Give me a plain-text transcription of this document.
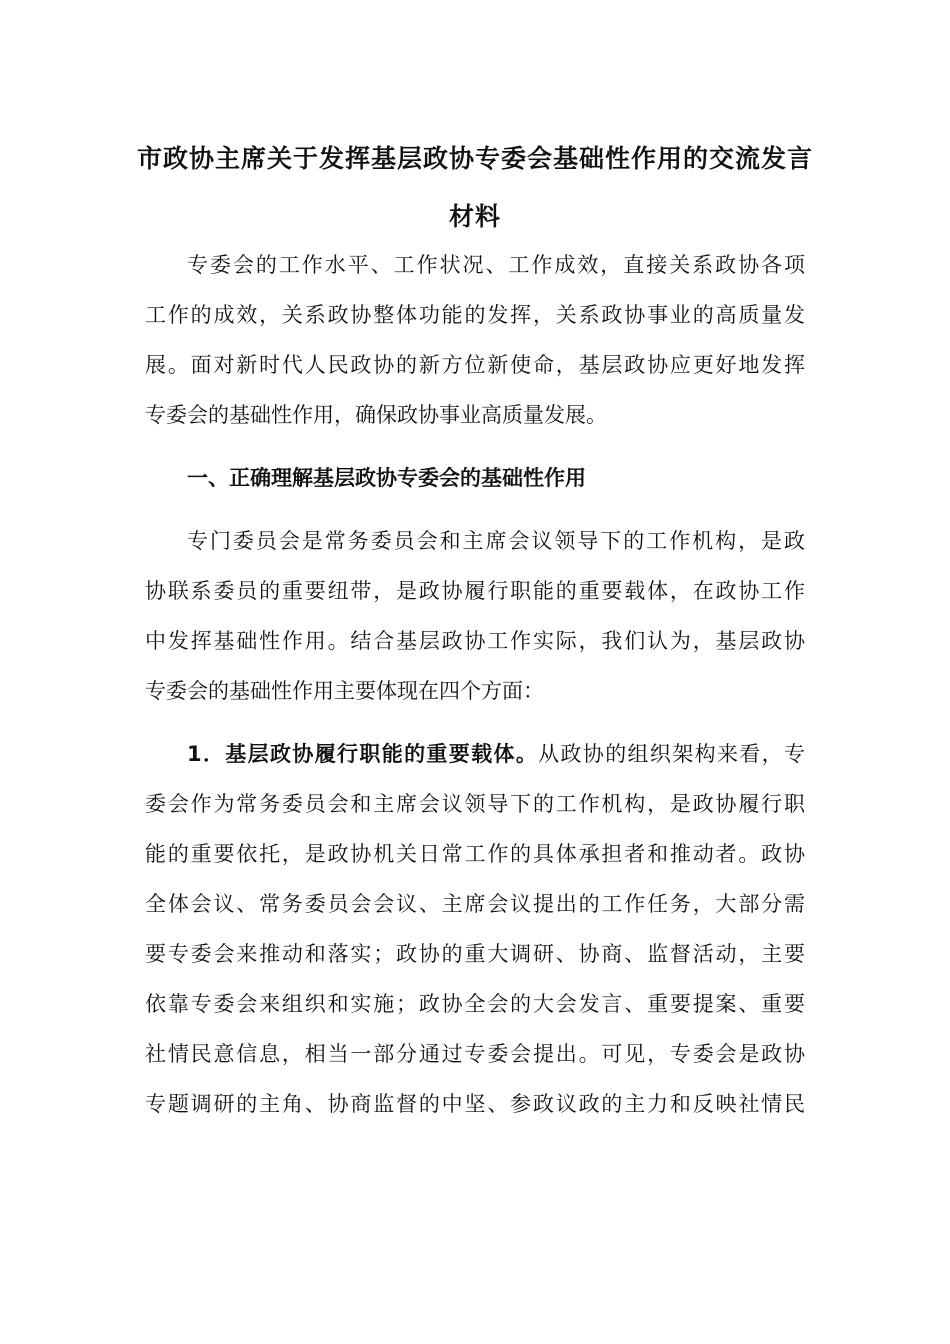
市政协主席关于发挥基层政协专委会基础性作用的交流发言材料
专委会的工作水平、工作状况、工作成效，直接关系政协各项
工作的成效，关系政协整体功能的发挥，关系政协事业的高质量发
展。面对新时代人民政协的新方位新使命，基层政协应更好地发挥
专委会的基础性作用，确保政协事业高质量发展。
一、正确理解基层政协专委会的基础性作用
专门委员会是常务委员会和主席会议领导下的工作机构，是政
协联系委员的重要纽带，是政协履行职能的重要载体，在政协工作
中发挥基础性作用。结合基层政协工作实际，我们认为，基层政协
专委会的基础性作用主要体现在四个方面：
1．基层政协履行职能的重要载体。从政协的组织架构来看，专
委会作为常务委员会和主席会议领导下的工作机构，是政协履行职
能的重要依托，是政协机关日常工作的具体承担者和推动者。政协
全体会议、常务委员会会议、主席会议提出的工作任务，大部分需
要专委会来推动和落实；政协的重大调研、协商、监督活动，主要
依靠专委会来组织和实施；政协全会的大会发言、重要提案、重要
社情民意信息，相当一部分通过专委会提出。可见，专委会是政协
专题调研的主角、协商监督的中坚、参政议政的主力和反映社情民
